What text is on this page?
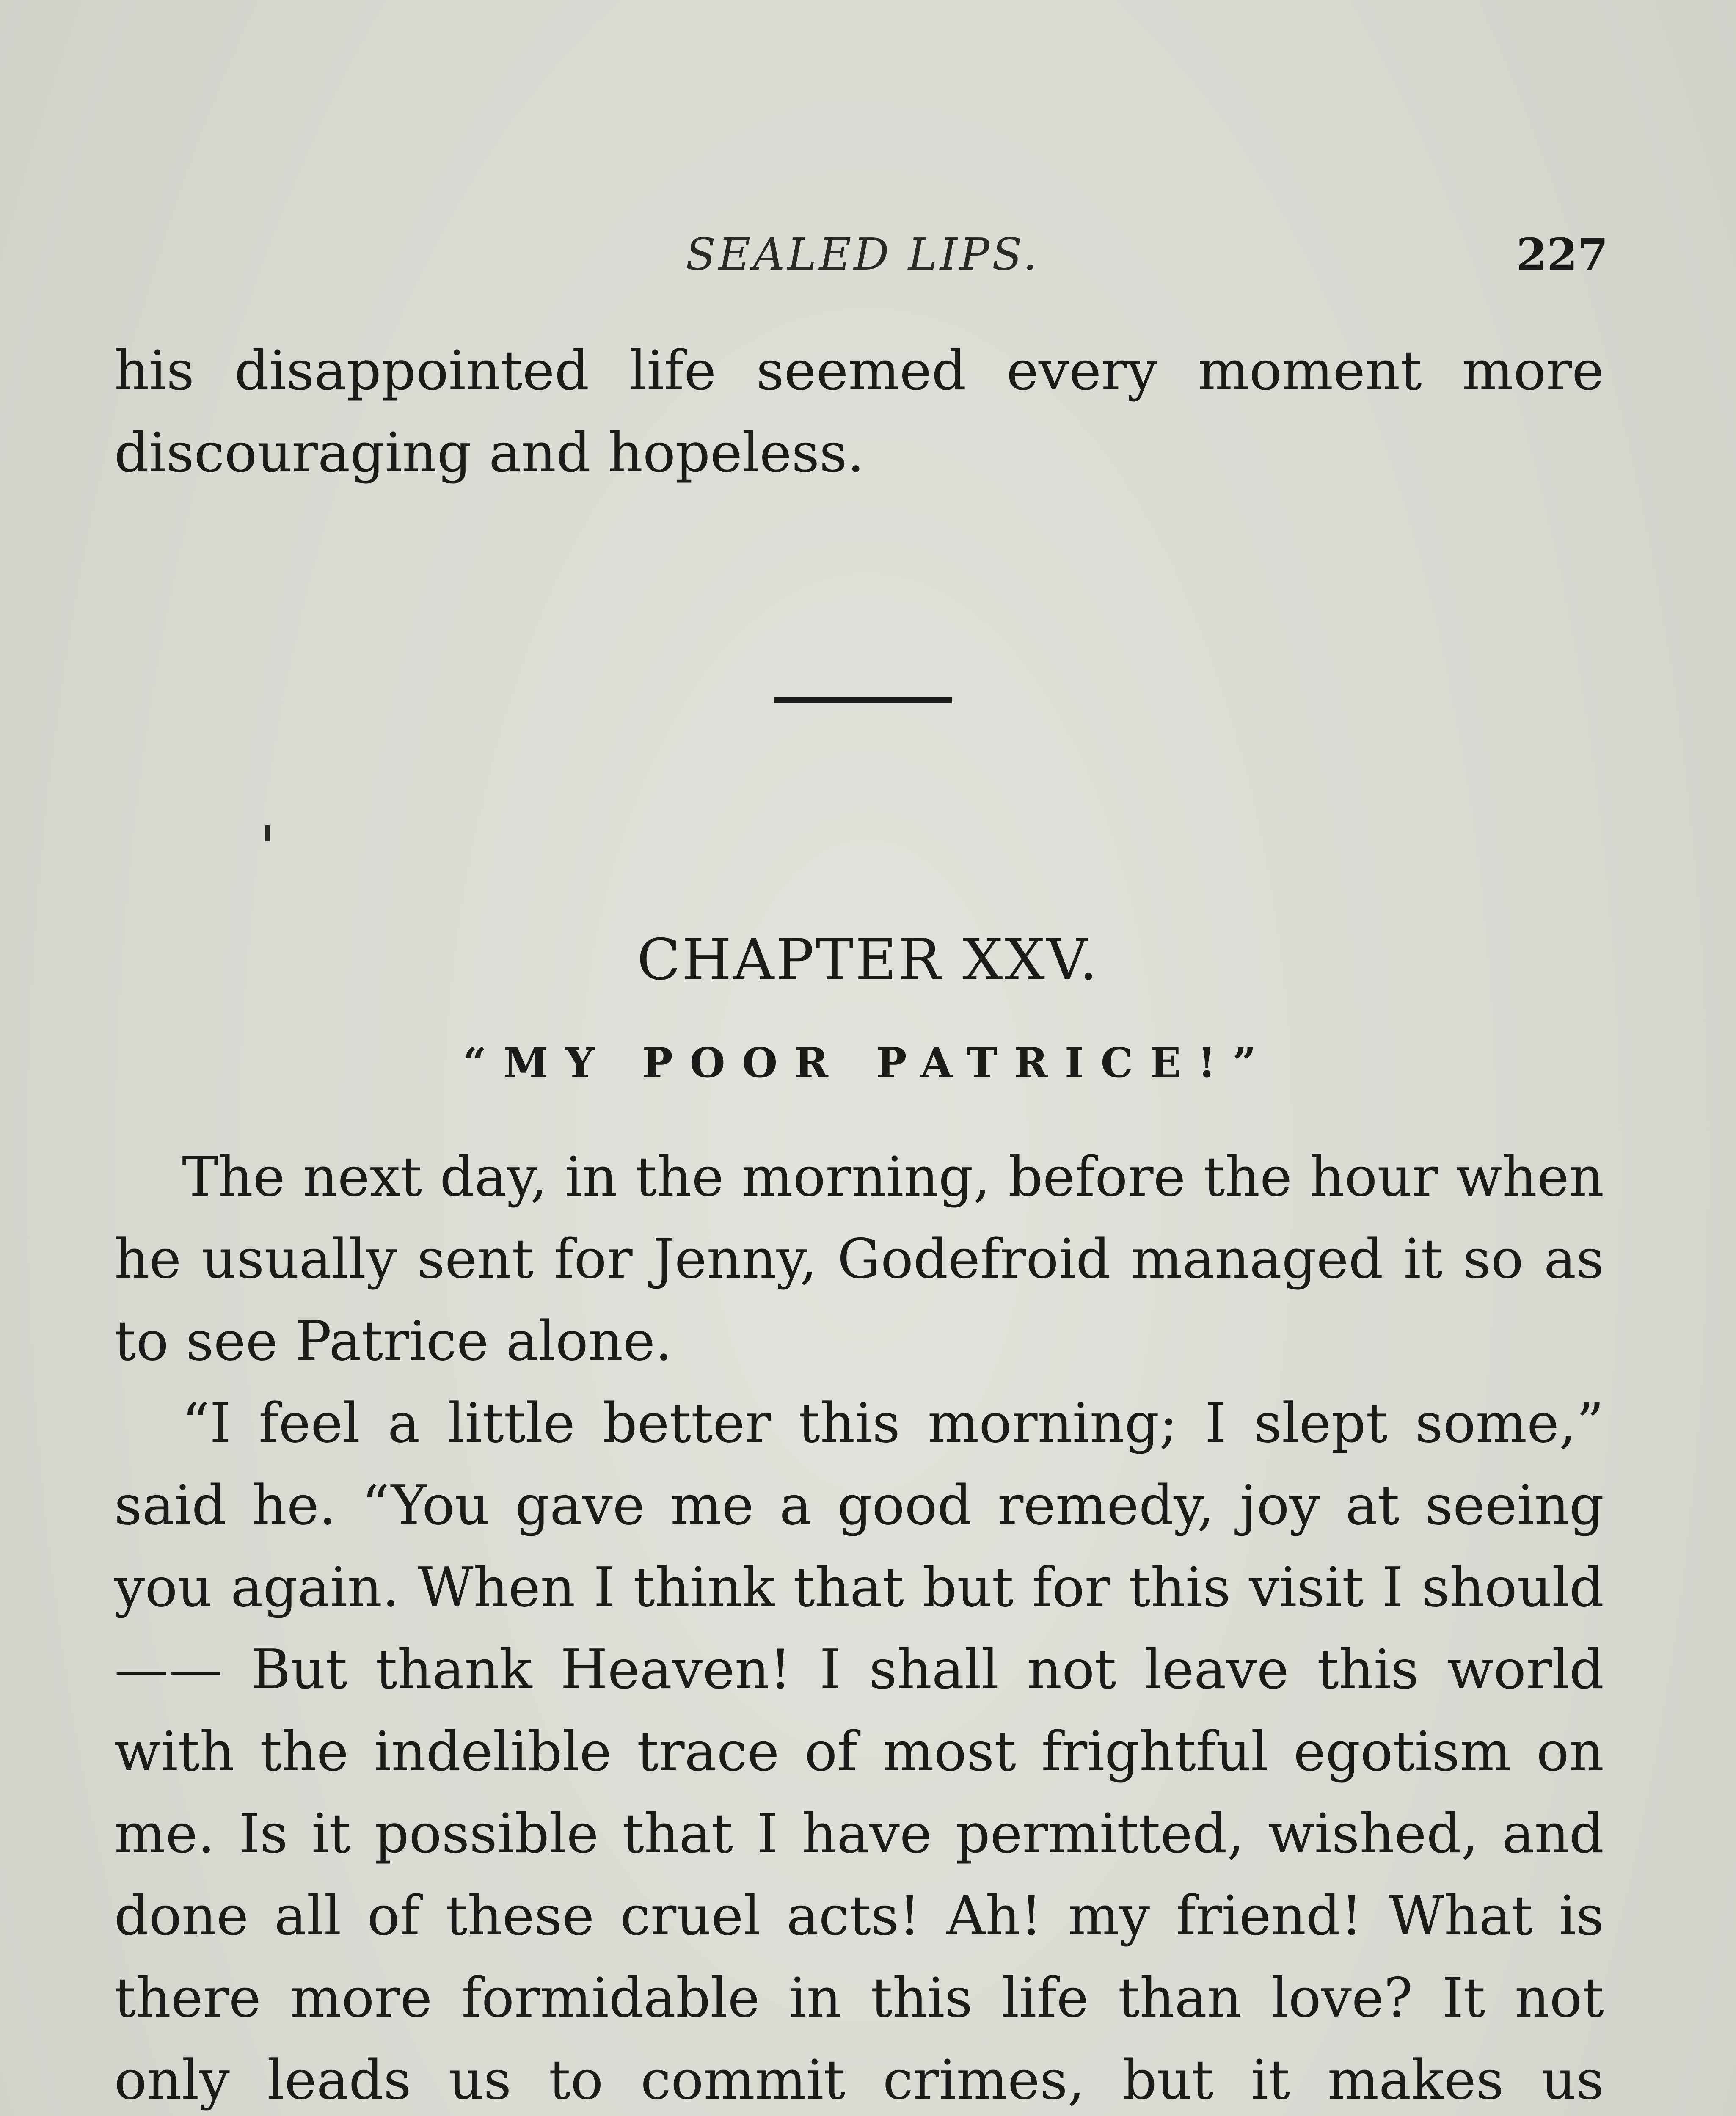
SEALED LIPS.	227

his disappointed life seemed every moment more discouraging and hopeless.

CHAPTER XXV.
“MY POOR PATRICE!”

The next day, in the morning, before the hour when he usually sent for Jenny, Godefroid managed it so as to see Patrice alone.

“I feel a little better this morning; I slept some,” said he. “You gave me a good remedy, joy at seeing you again. When I think that but for this visit I should—— But thank Heaven! I shall not leave this world with the indelible trace of most frightful egotism on me. Is it possible that I have permitted, wished, and done all of these cruel acts! Ah! my friend! What is there more formidable in this life than love? It not only leads us to commit crimes, but it makes us
